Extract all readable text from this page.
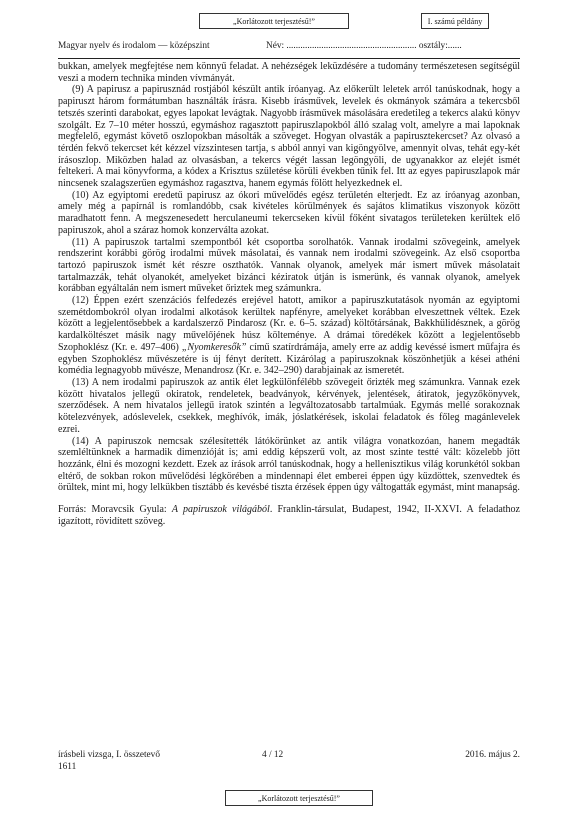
„Korlátozott terjesztésű!”	I. számú példány
Magyar nyelv és irodalom — középszint	Név: ........................................................ osztály:......

bukkan, amelyek megfejtése nem könnyű feladat. A nehézségek leküzdésére a tudomány természetesen segítségül veszi a modern technika minden vívmányát.

(9) A papirusz a papirusznád rostjából készült antik íróanyag. Az előkerült leletek arról tanúskodnak, hogy a papiruszt három formátumban használták írásra. Kisebb írásművek, levelek és okmányok számára a tekercsből tetszés szerinti darabokat, egyes lapokat levágtak. Nagyobb írásművek másolására eredetileg a tekercs alakú könyv szolgált. Ez 7–10 méter hosszú, egymáshoz ragasztott papiruszlapokból álló szalag volt, amelyre a mai lapoknak megfelelő, egymást követő oszlopokban másolták a szöveget. Hogyan olvasták a papirusztekercset? Az olvasó a térdén fekvő tekercset két kézzel vízszintesen tartja, s abból annyi van kigöngyölve, amennyit olvas, tehát egy-két írásoszlop. Miközben halad az olvasásban, a tekercs végét lassan legöngyöli, de ugyanakkor az elejét ismét feltekeri. A mai könyvforma, a kódex a Krisztus születése körüli években tűnik fel. Itt az egyes papiruszlapok már nincsenek szalagszerűen egymáshoz ragasztva, hanem egymás fölött helyezkednek el.

(10) Az egyiptomi eredetű papirusz az ókori művelődés egész területén elterjedt. Ez az íróanyag azonban, amely még a papírnál is romlandóbb, csak kivételes körülmények és sajátos klimatikus viszonyok között maradhatott fenn. A megszenesedett herculaneumi tekercseken kívül főként sivatagos területeken kerültek elő papiruszok, ahol a száraz homok konzerválta azokat.

(11) A papiruszok tartalmi szempontból két csoportba sorolhatók. Vannak irodalmi szövegeink, amelyek rendszerint korábbi görög irodalmi művek másolatai, és vannak nem irodalmi szövegeink. Az első csoportba tartozó papiruszok ismét két részre oszthatók. Vannak olyanok, amelyek már ismert művek másolatait tartalmazzák, tehát olyanokét, amelyeket bizánci kéziratok útján is ismerünk, és vannak olyanok, amelyek korábban egyáltalán nem ismert műveket őriztek meg számunkra.

(12) Éppen ezért szenzációs felfedezés erejével hatott, amikor a papiruszkutatások nyomán az egyiptomi szemétdombokról olyan irodalmi alkotások kerültek napfényre, amelyeket korábban elveszettnek véltek. Ezek között a legjelentősebbek a kardalszerző Pindarosz (Kr. e. 6–5. század) költőtársának, Bakkhülidésznek, a görög kardalköltészet másik nagy művelőjének húsz költeménye. A drámai töredékek között a legjelentősebb Szophoklész (Kr. e. 497–406) „Nyomkeresők” című szatírdrámája, amely erre az addig kevéssé ismert műfajra és egyben Szophoklész művészetére is új fényt derített. Kizárólag a papiruszoknak köszönhetjük a kései athéni komédia legnagyobb művésze, Menandrosz (Kr. e. 342–290) darabjainak az ismeretét.

(13) A nem irodalmi papiruszok az antik élet legkülönfélébb szövegeit őrizték meg számunkra. Vannak ezek között hivatalos jellegű okiratok, rendeletek, beadványok, kérvények, jelentések, átiratok, jegyzőkönyvek, szerződések. A nem hivatalos jellegű iratok szintén a legváltozatosabb tartalmúak. Egymás mellé sorakoznak kötelezvények, adóslevelek, csekkek, meghívók, imák, jóslatkérések, iskolai feladatok és főleg magánlevelek ezrei.

(14) A papiruszok nemcsak szélesítették látókörünket az antik világra vonatkozóan, hanem megadták szemléltünknek a harmadik dimenzióját is; ami eddig képszerű volt, az most szinte testté vált: közelebb jött hozzánk, élni és mozogni kezdett. Ezek az írások arról tanúskodnak, hogy a hellenisztikus világ korunkétól sokban eltérő, de sokban rokon művelődési légkörében a mindennapi élet emberei éppen úgy küzdöttek, szenvedtek és örültek, mint mi, hogy lelkükben tisztább és kevésbé tiszta érzések éppen úgy váltogatták egymást, mint manapság.

Forrás: Moravcsik Gyula: A papiruszok világából. Franklin-társulat, Budapest, 1942, II-XXVI. A feladathoz igazított, rövidített szöveg.

írásbeli vizsga, I. összetevő
1611
4 / 12	2016. május 2.
„Korlátozott terjesztésű!”
